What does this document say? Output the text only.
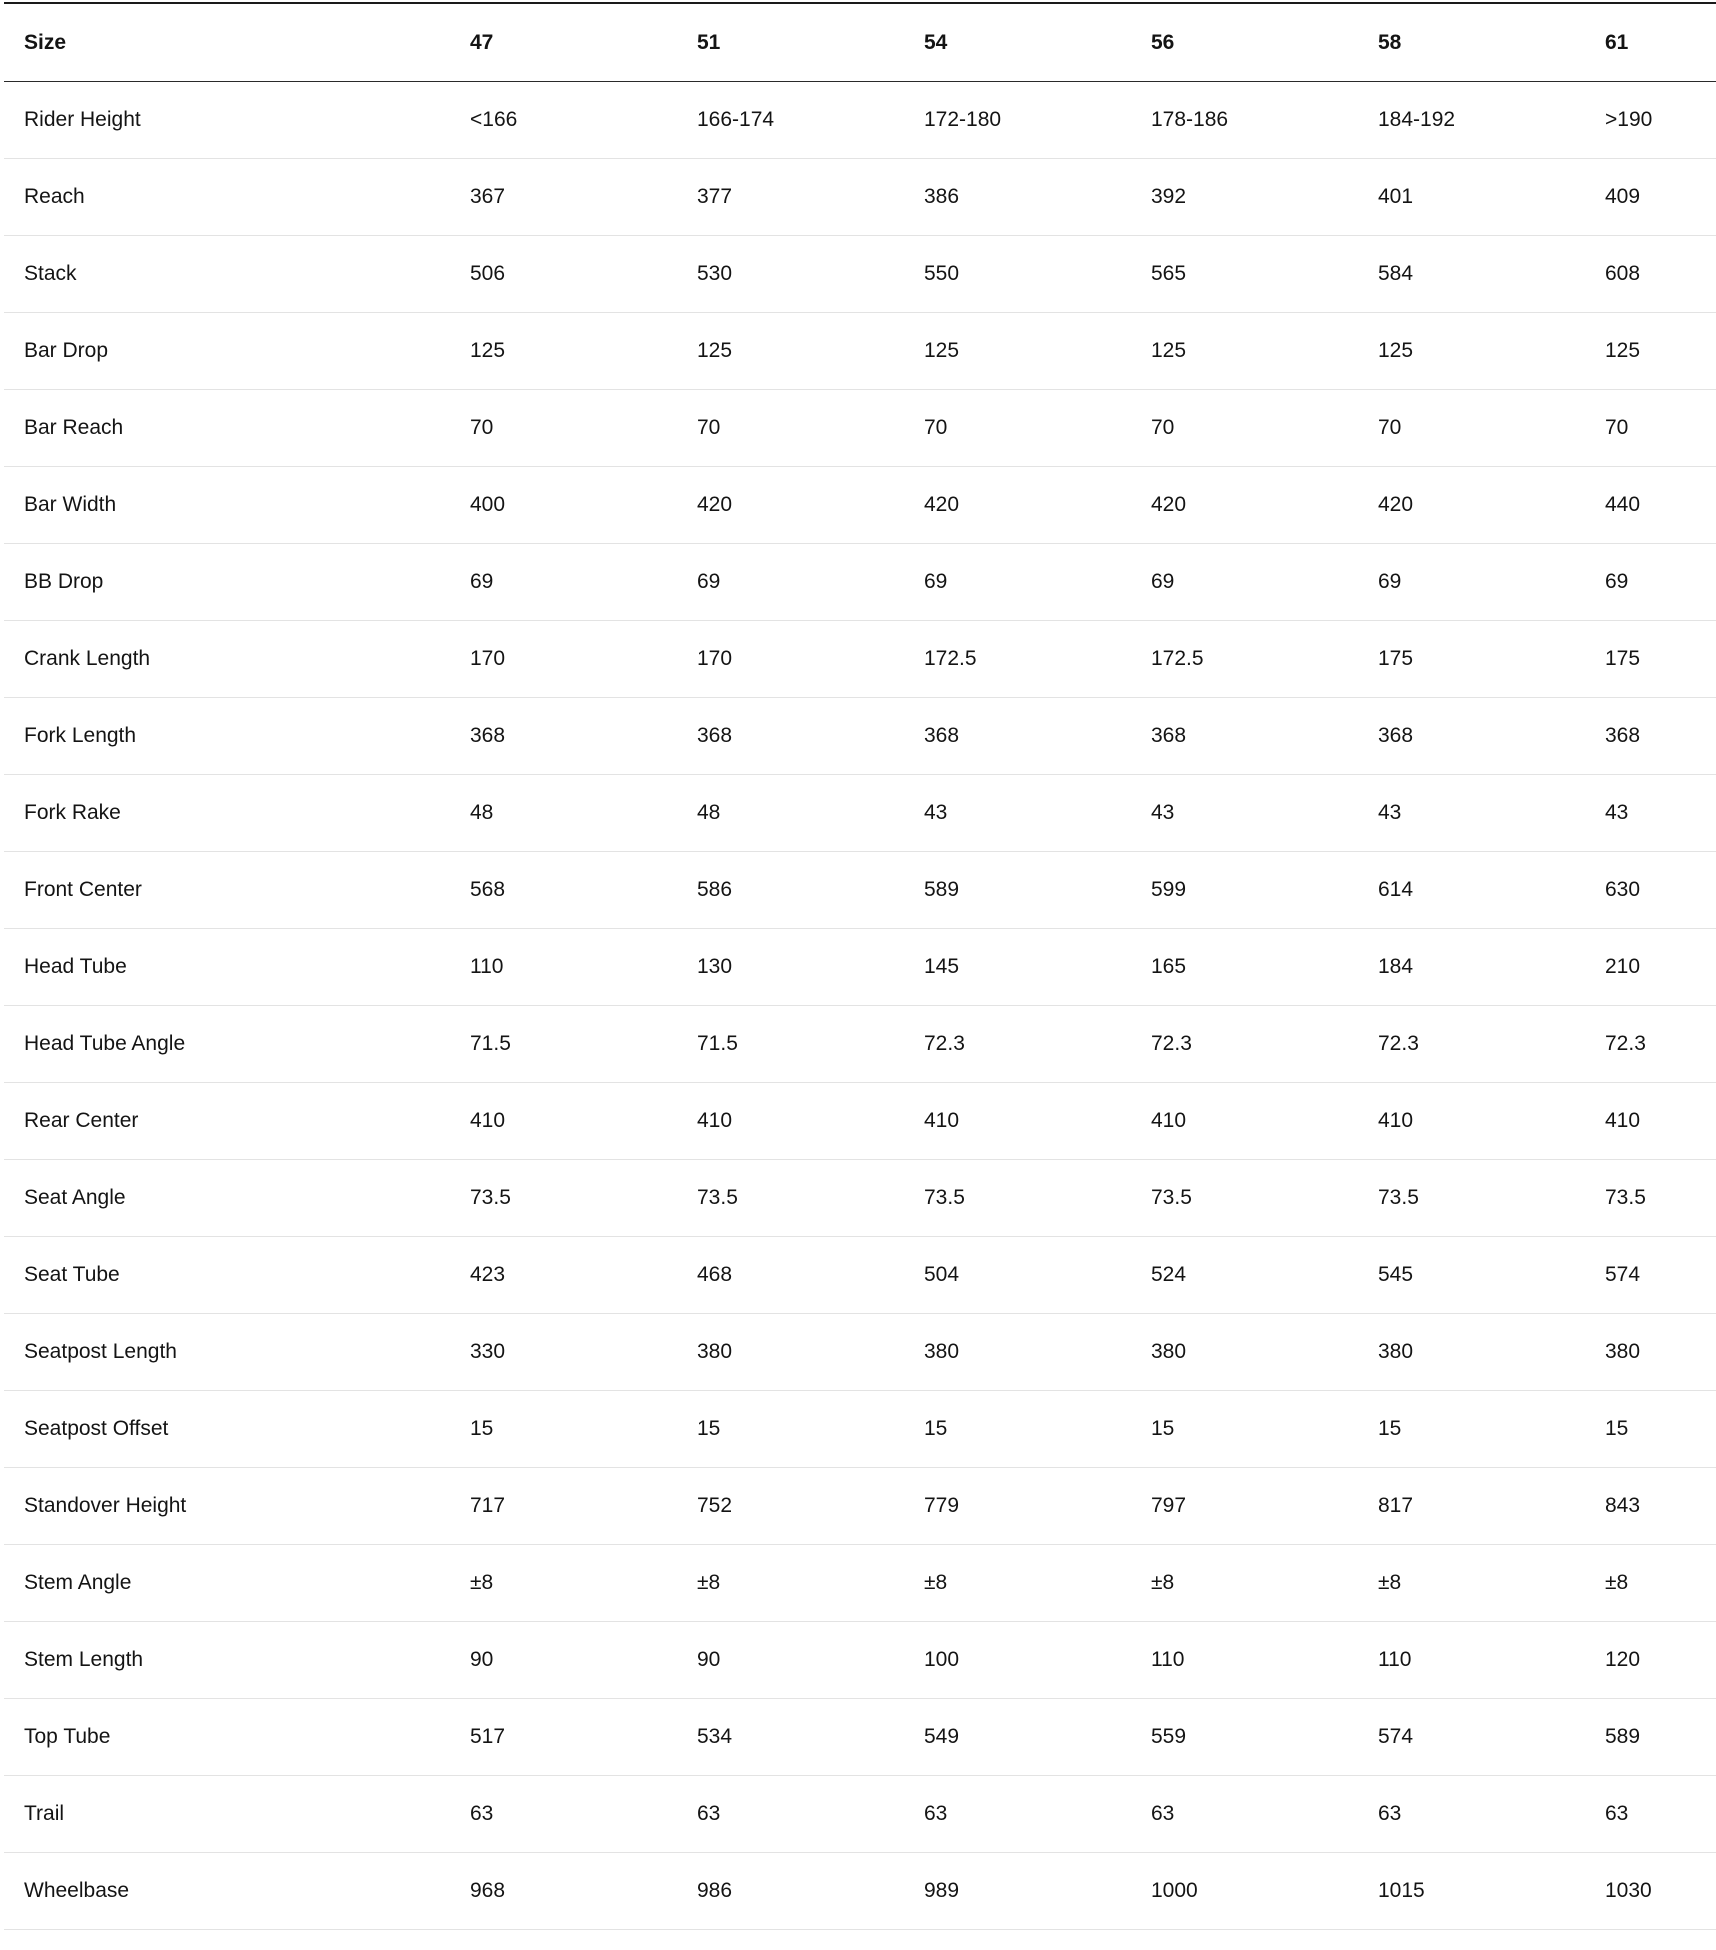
Size	47	51	54	56	58	61
Rider Height	<166	166-174	172-180	178-186	184-192	>190
Reach	367	377	386	392	401	409
Stack	506	530	550	565	584	608
Bar Drop	125	125	125	125	125	125
Bar Reach	70	70	70	70	70	70
Bar Width	400	420	420	420	420	440
BB Drop	69	69	69	69	69	69
Crank Length	170	170	172.5	172.5	175	175
Fork Length	368	368	368	368	368	368
Fork Rake	48	48	43	43	43	43
Front Center	568	586	589	599	614	630
Head Tube	110	130	145	165	184	210
Head Tube Angle	71.5	71.5	72.3	72.3	72.3	72.3
Rear Center	410	410	410	410	410	410
Seat Angle	73.5	73.5	73.5	73.5	73.5	73.5
Seat Tube	423	468	504	524	545	574
Seatpost Length	330	380	380	380	380	380
Seatpost Offset	15	15	15	15	15	15
Standover Height	717	752	779	797	817	843
Stem Angle	±8	±8	±8	±8	±8	±8
Stem Length	90	90	100	110	110	120
Top Tube	517	534	549	559	574	589
Trail	63	63	63	63	63	63
Wheelbase	968	986	989	1000	1015	1030
